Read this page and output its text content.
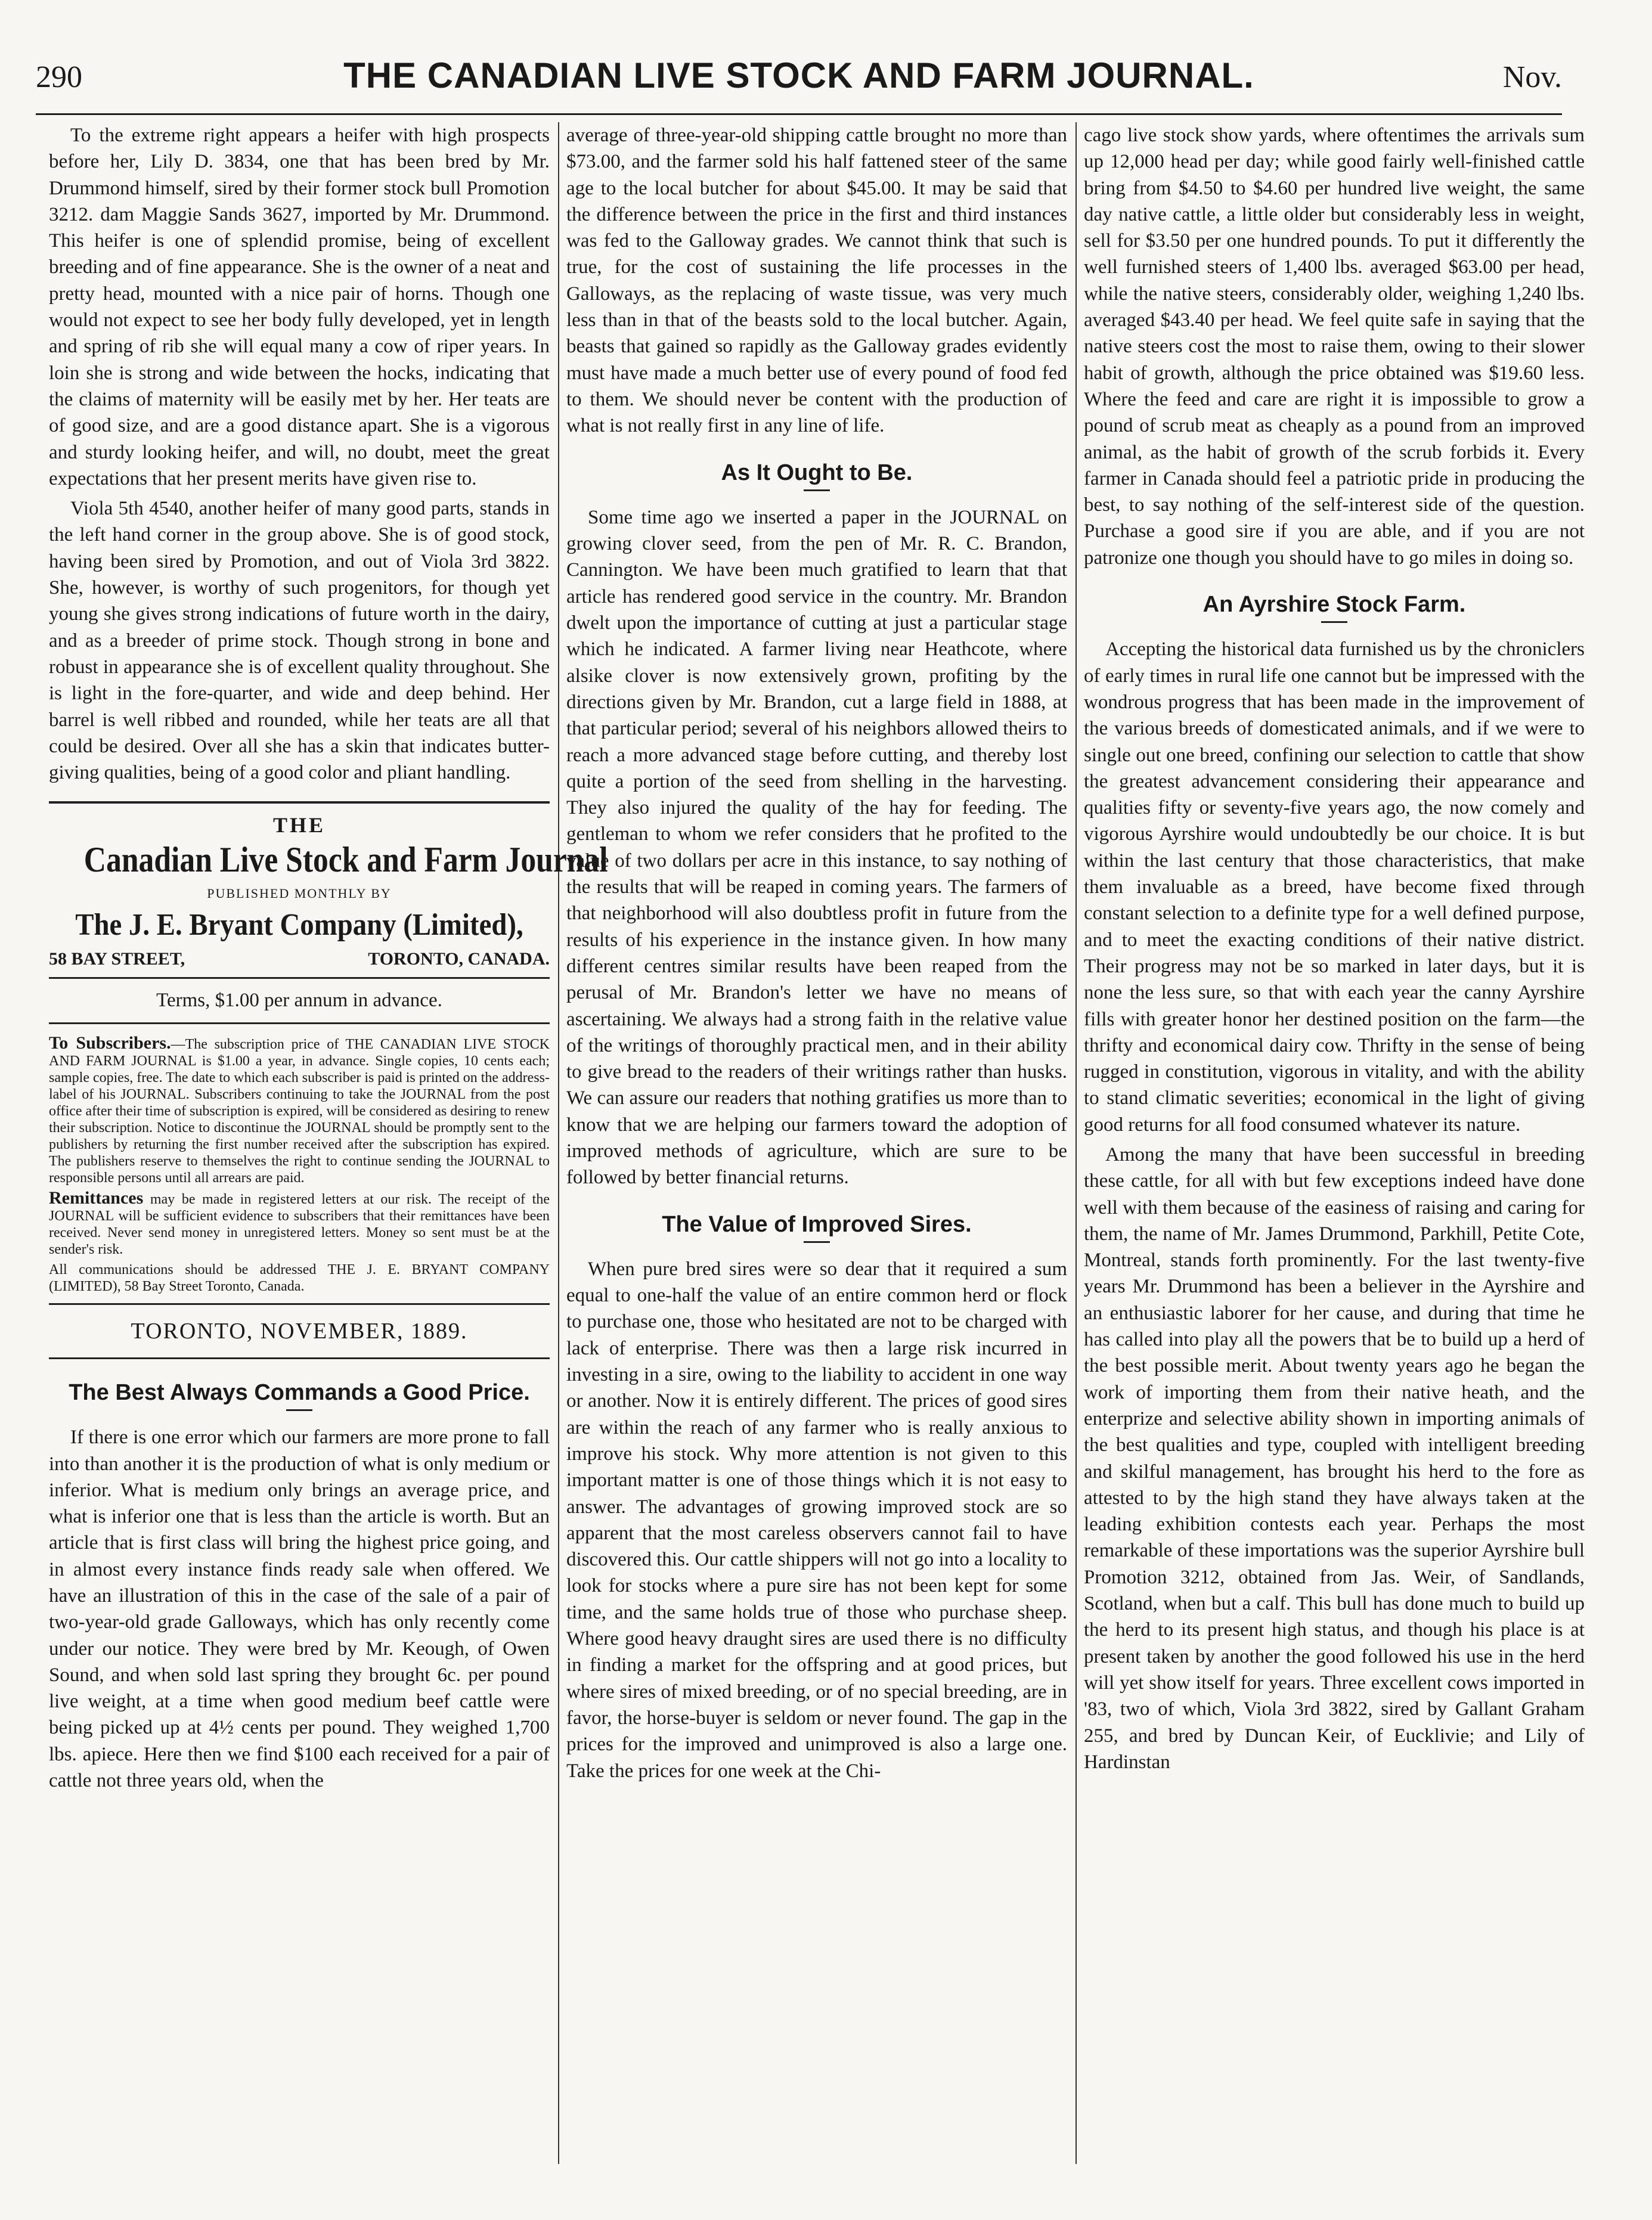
290	THE CANADIAN LIVE STOCK AND FARM JOURNAL.	Nov.

To the extreme right appears a heifer with high prospects before her, Lily D. 3834, one that has been bred by Mr. Drummond himself, sired by their former stock bull Promotion 3212. dam Maggie Sands 3627, imported by Mr. Drummond. This heifer is one of splendid promise, being of excellent breeding and of fine appearance. She is the owner of a neat and pretty head, mounted with a nice pair of horns. Though one would not expect to see her body fully developed, yet in length and spring of rib she will equal many a cow of riper years. In loin she is strong and wide between the hocks, indicating that the claims of maternity will be easily met by her. Her teats are of good size, and are a good distance apart. She is a vigorous and sturdy looking heifer, and will, no doubt, meet the great expectations that her present merits have given rise to.

Viola 5th 4540, another heifer of many good parts, stands in the left hand corner in the group above. She is of good stock, having been sired by Promotion, and out of Viola 3rd 3822. She, however, is worthy of such progenitors, for though yet young she gives strong indications of future worth in the dairy, and as a breeder of prime stock. Though strong in bone and robust in appearance she is of excellent quality throughout. She is light in the fore-quarter, and wide and deep behind. Her barrel is well ribbed and rounded, while her teats are all that could be desired. Over all she has a skin that indicates butter-giving qualities, being of a good color and pliant handling.

THE
Canadian Live Stock and Farm Journal
PUBLISHED MONTHLY BY
The J. E. Bryant Company (Limited),
58 BAY STREET,	TORONTO, CANADA.
Terms, $1.00 per annum in advance.

To Subscribers.—The subscription price of THE CANADIAN LIVE STOCK AND FARM JOURNAL is $1.00 a year, in advance. Single copies, 10 cents each; sample copies, free. The date to which each subscriber is paid is printed on the address-label of his JOURNAL. Subscribers continuing to take the JOURNAL from the post office after their time of subscription is expired, will be considered as desiring to renew their subscription. Notice to discontinue the JOURNAL should be promptly sent to the publishers by returning the first number received after the subscription has expired. The publishers reserve to themselves the right to continue sending the JOURNAL to responsible persons until all arrears are paid.

Remittances may be made in registered letters at our risk. The receipt of the JOURNAL will be sufficient evidence to subscribers that their remittances have been received. Never send money in unregistered letters. Money so sent must be at the sender's risk.

All communications should be addressed THE J. E. BRYANT COMPANY (LIMITED), 58 Bay Street Toronto, Canada.

TORONTO, NOVEMBER, 1889.
The Best Always Commands a Good Price.

If there is one error which our farmers are more prone to fall into than another it is the production of what is only medium or inferior. What is medium only brings an average price, and what is inferior one that is less than the article is worth. But an article that is first class will bring the highest price going, and in almost every instance finds ready sale when offered. We have an illustration of this in the case of the sale of a pair of two-year-old grade Galloways, which has only recently come under our notice. They were bred by Mr. Keough, of Owen Sound, and when sold last spring they brought 6c. per pound live weight, at a time when good medium beef cattle were being picked up at 4½ cents per pound. They weighed 1,700 lbs. apiece. Here then we find $100 each received for a pair of cattle not three years old, when the

average of three-year-old shipping cattle brought no more than $73.00, and the farmer sold his half fattened steer of the same age to the local butcher for about $45.00. It may be said that the difference between the price in the first and third instances was fed to the Galloway grades. We cannot think that such is true, for the cost of sustaining the life processes in the Galloways, as the replacing of waste tissue, was very much less than in that of the beasts sold to the local butcher. Again, beasts that gained so rapidly as the Galloway grades evidently must have made a much better use of every pound of food fed to them. We should never be content with the production of what is not really first in any line of life.

As It Ought to Be.

Some time ago we inserted a paper in the JOURNAL on growing clover seed, from the pen of Mr. R. C. Brandon, Cannington. We have been much gratified to learn that that article has rendered good service in the country. Mr. Brandon dwelt upon the importance of cutting at just a particular stage which he indicated. A farmer living near Heathcote, where alsike clover is now extensively grown, profiting by the directions given by Mr. Brandon, cut a large field in 1888, at that particular period; several of his neighbors allowed theirs to reach a more advanced stage before cutting, and thereby lost quite a portion of the seed from shelling in the harvesting. They also injured the quality of the hay for feeding. The gentleman to whom we refer considers that he profited to the value of two dollars per acre in this instance, to say nothing of the results that will be reaped in coming years. The farmers of that neighborhood will also doubtless profit in future from the results of his experience in the instance given. In how many different centres similar results have been reaped from the perusal of Mr. Brandon's letter we have no means of ascertaining. We always had a strong faith in the relative value of the writings of thoroughly practical men, and in their ability to give bread to the readers of their writings rather than husks. We can assure our readers that nothing gratifies us more than to know that we are helping our farmers toward the adoption of improved methods of agriculture, which are sure to be followed by better financial returns.

The Value of Improved Sires.

When pure bred sires were so dear that it required a sum equal to one-half the value of an entire common herd or flock to purchase one, those who hesitated are not to be charged with lack of enterprise. There was then a large risk incurred in investing in a sire, owing to the liability to accident in one way or another. Now it is entirely different. The prices of good sires are within the reach of any farmer who is really anxious to improve his stock. Why more attention is not given to this important matter is one of those things which it is not easy to answer. The advantages of growing improved stock are so apparent that the most careless observers cannot fail to have discovered this. Our cattle shippers will not go into a locality to look for stocks where a pure sire has not been kept for some time, and the same holds true of those who purchase sheep. Where good heavy draught sires are used there is no difficulty in finding a market for the offspring and at good prices, but where sires of mixed breeding, or of no special breeding, are in favor, the horse-buyer is seldom or never found. The gap in the prices for the improved and unimproved is also a large one. Take the prices for one week at the Chi-

cago live stock show yards, where oftentimes the arrivals sum up 12,000 head per day; while good fairly well-finished cattle bring from $4.50 to $4.60 per hundred live weight, the same day native cattle, a little older but considerably less in weight, sell for $3.50 per one hundred pounds. To put it differently the well furnished steers of 1,400 lbs. averaged $63.00 per head, while the native steers, considerably older, weighing 1,240 lbs. averaged $43.40 per head. We feel quite safe in saying that the native steers cost the most to raise them, owing to their slower habit of growth, although the price obtained was $19.60 less. Where the feed and care are right it is impossible to grow a pound of scrub meat as cheaply as a pound from an improved animal, as the habit of growth of the scrub forbids it. Every farmer in Canada should feel a patriotic pride in producing the best, to say nothing of the self-interest side of the question. Purchase a good sire if you are able, and if you are not patronize one though you should have to go miles in doing so.

An Ayrshire Stock Farm.

Accepting the historical data furnished us by the chroniclers of early times in rural life one cannot but be impressed with the wondrous progress that has been made in the improvement of the various breeds of domesticated animals, and if we were to single out one breed, confining our selection to cattle that show the greatest advancement considering their appearance and qualities fifty or seventy-five years ago, the now comely and vigorous Ayrshire would undoubtedly be our choice. It is but within the last century that those characteristics, that make them invaluable as a breed, have become fixed through constant selection to a definite type for a well defined purpose, and to meet the exacting conditions of their native district. Their progress may not be so marked in later days, but it is none the less sure, so that with each year the canny Ayrshire fills with greater honor her destined position on the farm—the thrifty and economical dairy cow. Thrifty in the sense of being rugged in constitution, vigorous in vitality, and with the ability to stand climatic severities; economical in the light of giving good returns for all food consumed whatever its nature.

Among the many that have been successful in breeding these cattle, for all with but few exceptions indeed have done well with them because of the easiness of raising and caring for them, the name of Mr. James Drummond, Parkhill, Petite Cote, Montreal, stands forth prominently. For the last twenty-five years Mr. Drummond has been a believer in the Ayrshire and an enthusiastic laborer for her cause, and during that time he has called into play all the powers that be to build up a herd of the best possible merit. About twenty years ago he began the work of importing them from their native heath, and the enterprize and selective ability shown in importing animals of the best qualities and type, coupled with intelligent breeding and skilful management, has brought his herd to the fore as attested to by the high stand they have always taken at the leading exhibition contests each year. Perhaps the most remarkable of these importations was the superior Ayrshire bull Promotion 3212, obtained from Jas. Weir, of Sandlands, Scotland, when but a calf. This bull has done much to build up the herd to its present high status, and though his place is at present taken by another the good followed his use in the herd will yet show itself for years. Three excellent cows imported in '83, two of which, Viola 3rd 3822, sired by Gallant Graham 255, and bred by Duncan Keir, of Eucklivie; and Lily of Hardinstan
